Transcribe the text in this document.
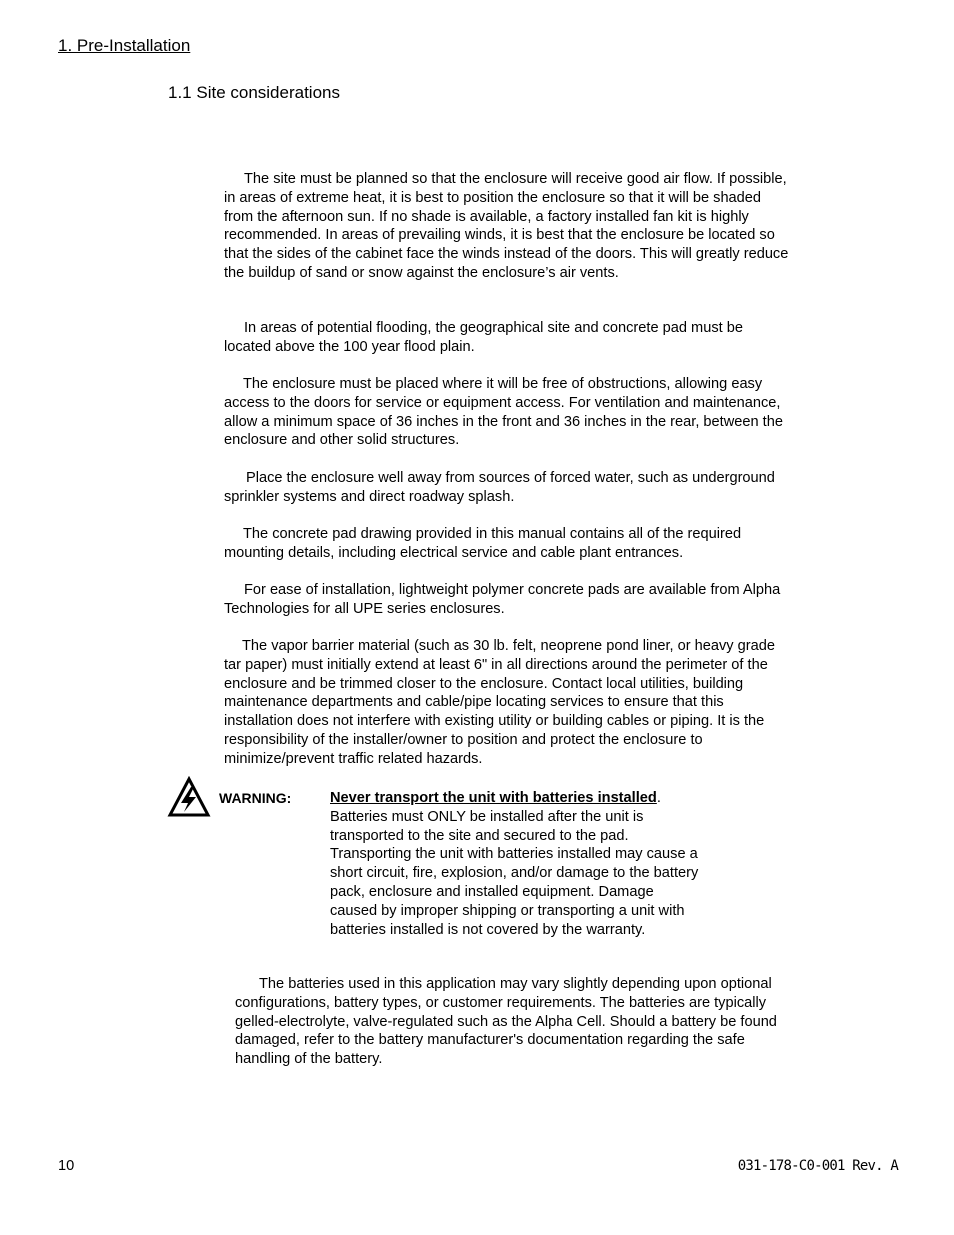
1. Pre-Installation
1.1 Site considerations

The site must be planned so that the enclosure will receive good air flow. If possible, in areas of extreme heat, it is best to position the enclosure so that it will be shaded from the afternoon sun. If no shade is available, a factory installed fan kit is highly recommended. In areas of prevailing winds, it is best that the enclosure be located so that the sides of the cabinet face the winds instead of the doors. This will greatly reduce the buildup of sand or snow against the enclosure’s air vents.

In areas of potential flooding, the geographical site and concrete pad must be located above the 100 year flood plain.

The enclosure must be placed where it will be free of obstructions, allowing easy access to the doors for service or equipment access. For ventilation and maintenance, allow a minimum space of 36 inches in the front and 36 inches in the rear, between the enclosure and other solid structures.

Place the enclosure well away from sources of forced water, such as underground sprinkler systems and direct roadway splash.

The concrete pad drawing provided in this manual contains all of the required mounting details, including electrical service and cable plant entrances.

For ease of installation, lightweight polymer concrete pads are available from Alpha Technologies for all UPE series enclosures.

The vapor barrier material (such as 30 lb. felt, neoprene pond liner, or heavy grade tar paper) must initially extend at least 6" in all directions around the perimeter of the enclosure and be trimmed closer to the enclosure. Contact local utilities, building maintenance departments and cable/pipe locating services to ensure that this installation does not interfere with existing utility or building cables or piping. It is the responsibility of the installer/owner to position and protect the enclosure to minimize/prevent traffic related hazards.

WARNING:	Never transport the unit with batteries installed.
Batteries must ONLY be installed after the unit is transported to the site and secured to the pad. Transporting the unit with batteries installed may cause a short circuit, fire, explosion, and/or damage to the battery pack, enclosure and installed equipment. Damage caused by improper shipping or transporting a unit with batteries installed is not covered by the warranty.

The batteries used in this application may vary slightly depending upon optional configurations, battery types, or customer requirements. The batteries are typically gelled-electrolyte, valve-regulated such as the Alpha Cell. Should a battery be found damaged, refer to the battery manufacturer's documentation regarding the safe handling of the battery.

10	031-178-C0-001 Rev. A
